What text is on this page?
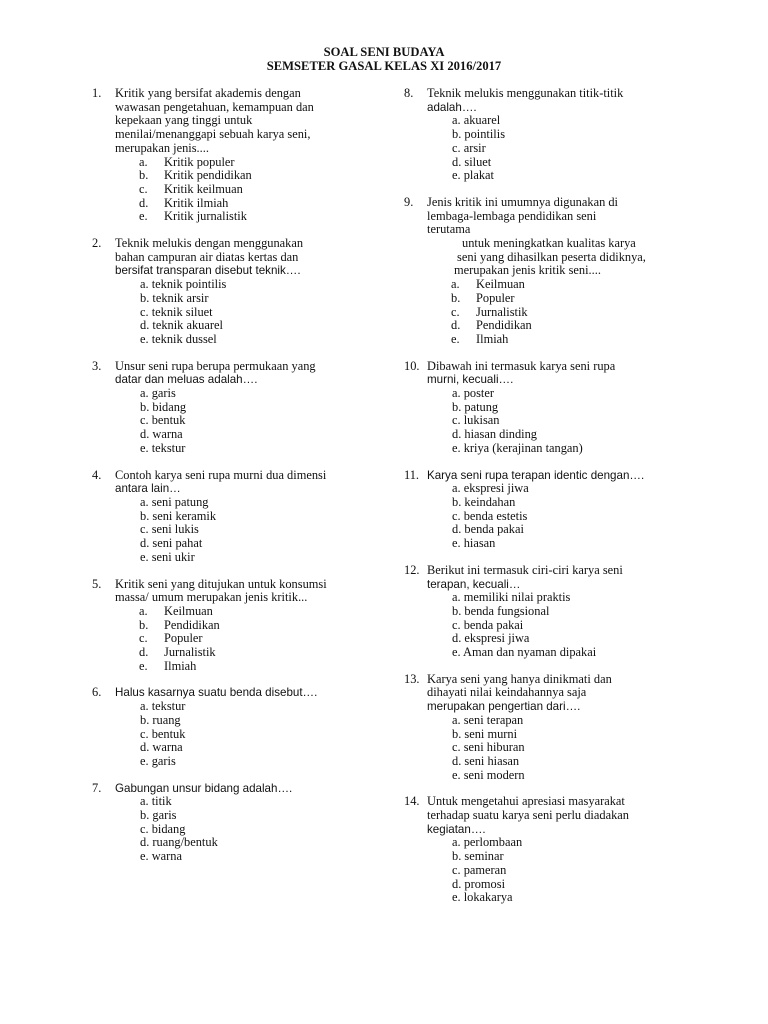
SOAL SENI BUDAYA
SEMSETER GASAL KELAS XI 2016/2017
1.	Kritik yang bersifat akademis dengan
wawasan pengetahuan, kemampuan dan
kepekaan yang tinggi untuk
menilai/menanggapi sebuah karya seni,
merupakan jenis....
a.	Kritik populer
b.	Kritik pendidikan
c.	Kritik keilmuan
d.	Kritik ilmiah
e.	Kritik jurnalistik
2.	Teknik melukis dengan menggunakan
bahan campuran air diatas kertas dan
bersifat transparan disebut teknik….
a. teknik pointilis
b. teknik arsir
c. teknik siluet
d. teknik akuarel
e. teknik dussel
3.	Unsur seni rupa berupa permukaan yang
datar dan meluas adalah….
a. garis
b. bidang
c. bentuk
d. warna
e. tekstur
4.	Contoh karya seni rupa murni dua dimensi
antara lain…
a. seni patung
b. seni keramik
c. seni lukis
d. seni pahat
e. seni ukir
5.	Kritik seni yang ditujukan untuk konsumsi
massa/ umum merupakan jenis kritik...
a.	Keilmuan
b.	Pendidikan
c.	Populer
d.	Jurnalistik
e.	Ilmiah
6.	Halus kasarnya suatu benda disebut….
a. tekstur
b. ruang
c. bentuk
d. warna
e. garis
7.	Gabungan unsur bidang adalah….
a. titik
b. garis
c. bidang
d. ruang/bentuk
e. warna
8.	Teknik melukis menggunakan titik-titik
adalah….
a. akuarel
b. pointilis
c. arsir
d. siluet
e. plakat
9.	Jenis kritik ini umumnya digunakan di
lembaga-lembaga pendidikan seni
terutama
untuk meningkatkan kualitas karya
seni yang dihasilkan peserta didiknya,
merupakan jenis kritik seni....
a.	Keilmuan
b.	Populer
c.	Jurnalistik
d.	Pendidikan
e.	Ilmiah
10. Dibawah ini termasuk karya seni rupa
murni, kecuali….
a. poster
b. patung
c. lukisan
d. hiasan dinding
e. kriya (kerajinan tangan)
11. Karya seni rupa terapan identic dengan….
a. ekspresi jiwa
b. keindahan
c. benda estetis
d. benda pakai
e. hiasan
12. Berikut ini termasuk ciri-ciri karya seni
terapan, kecuali…
a. memiliki nilai praktis
b. benda fungsional
c. benda pakai
d. ekspresi jiwa
e. Aman dan nyaman dipakai
13. Karya seni yang hanya dinikmati dan
dihayati nilai keindahannya saja
merupakan pengertian dari….
a. seni terapan
b. seni murni
c. seni hiburan
d. seni hiasan
e. seni modern
14. Untuk mengetahui apresiasi masyarakat
terhadap suatu karya seni perlu diadakan
kegiatan….
a. perlombaan
b. seminar
c. pameran
d. promosi
e. lokakarya
